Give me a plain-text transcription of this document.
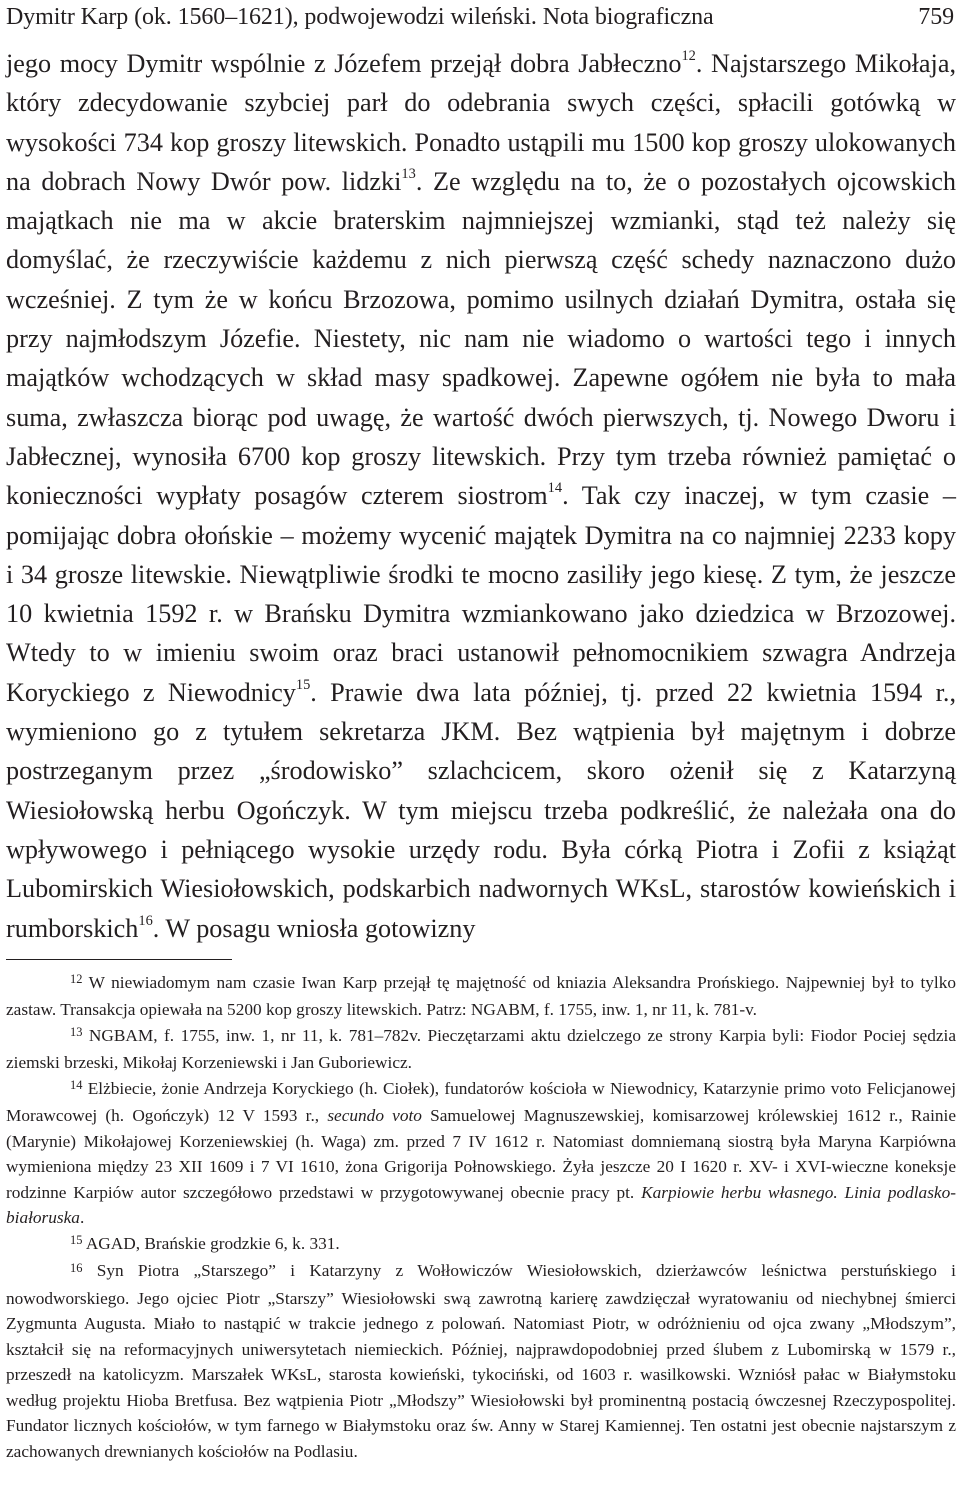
Dymitr Karp (ok. 1560–1621), podwojewodzi wileński. Nota biograficzna	759

jego mocy Dymitr wspólnie z Józefem przejął dobra Jabłeczno$^{12}$. Najstarszego Mikołaja, który zdecydowanie szybciej parł do odebrania swych części, spłacili gotówką w wysokości 734 kop groszy litewskich. Ponadto ustąpili mu 1500 kop groszy ulokowanych na dobrach Nowy Dwór pow. lidzki$^{13}$. Ze względu na to, że o pozostałych ojcowskich majątkach nie ma w akcie braterskim najmniejszej wzmianki, stąd też należy się domyślać, że rzeczywiście każdemu z nich pierwszą część schedy naznaczono dużo wcześniej. Z tym że w końcu Brzozowa, pomimo usilnych działań Dymitra, ostała się przy najmłodszym Józefie. Niestety, nic nam nie wiadomo o wartości tego i innych majątków wchodzących w skład masy spadkowej. Zapewne ogółem nie była to mała suma, zwłaszcza biorąc pod uwagę, że wartość dwóch pierwszych, tj. Nowego Dworu i Jabłecznej, wynosiła 6700 kop groszy litewskich. Przy tym trzeba również pamiętać o konieczności wypłaty posagów czterem siostrom$^{14}$. Tak czy inaczej, w tym czasie – pomijając dobra ołońskie – możemy wycenić majątek Dymitra na co najmniej 2233 kopy i 34 grosze litewskie. Niewątpliwie środki te mocno zasiliły jego kiesę. Z tym, że jeszcze 10 kwietnia 1592 r. w Brańsku Dymitra wzmiankowano jako dziedzica w Brzozowej. Wtedy to w imieniu swoim oraz braci ustanowił pełnomocnikiem szwagra Andrzeja Koryckiego z Niewodnicy$^{15}$. Prawie dwa lata później, tj. przed 22 kwietnia 1594 r., wymieniono go z tytułem sekretarza JKM. Bez wątpienia był majętnym i dobrze postrzeganym przez „środowisko” szlachcicem, skoro ożenił się z Katarzyną Wiesiołowską herbu Ogończyk. W tym miejscu trzeba podkreślić, że należała ona do wpływowego i pełniącego wysokie urzędy rodu. Była córką Piotra i Zofii z książąt Lubomirskich Wiesiołowskich, podskarbich nadwornych WKsL, starostów kowieńskich i rumborskich$^{16}$. W posagu wniosła gotowizny

$^{12}$ W niewiadomym nam czasie Iwan Karp przejął tę majętność od kniazia Aleksandra Prońskiego. Najpewniej był to tylko zastaw. Transakcja opiewała na 5200 kop groszy litewskich. Patrz: NGABM, f. 1755, inw. 1, nr 11, k. 781-v.

$^{13}$ NGBAM, f. 1755, inw. 1, nr 11, k. 781–782v. Pieczętarzami aktu dzielczego ze strony Karpia byli: Fiodor Pociej sędzia ziemski brzeski, Mikołaj Korzeniewski i Jan Guboriewicz.

$^{14}$ Elżbiecie, żonie Andrzeja Koryckiego (h. Ciołek), fundatorów kościoła w Niewodnicy, Katarzynie primo voto Felicjanowej Morawcowej (h. Ogończyk) 12 V 1593 r., secundo voto Samuelowej Magnuszewskiej, komisarzowej królewskiej 1612 r., Rainie (Marynie) Mikołajowej Korzeniewskiej (h. Waga) zm. przed 7 IV 1612 r. Natomiast domniemaną siostrą była Maryna Karpiówna wymieniona między 23 XII 1609 i 7 VI 1610, żona Grigorija Połnowskiego. Żyła jeszcze 20 I 1620 r. XV- i XVI-wieczne koneksje rodzinne Karpiów autor szczegółowo przedstawi w przygotowywanej obecnie pracy pt. Karpiowie herbu własnego. Linia podlasko-białoruska.

$^{15}$ AGAD, Brańskie grodzkie 6, k. 331.

$^{16}$ Syn Piotra „Starszego” i Katarzyny z Wołłowiczów Wiesiołowskich, dzierżawców leśnictwa perstuńskiego i nowodworskiego. Jego ojciec Piotr „Starszy” Wiesiołowski swą zawrotną karierę zawdzięczał wyratowaniu od niechybnej śmierci Zygmunta Augusta. Miało to nastąpić w trakcie jednego z polowań. Natomiast Piotr, w odróżnieniu od ojca zwany „Młodszym”, kształcił się na reformacyjnych uniwersytetach niemieckich. Później, najprawdopodobniej przed ślubem z Lubomirską w 1579 r., przeszedł na katolicyzm. Marszałek WKsL, starosta kowieński, tykociński, od 1603 r. wasilkowski. Wzniósł pałac w Białymstoku według projektu Hioba Bretfusa. Bez wątpienia Piotr „Młodszy” Wiesiołowski był prominentną postacią ówczesnej Rzeczypospolitej. Fundator licznych kościołów, w tym farnego w Białymstoku oraz św. Anny w Starej Kamiennej. Ten ostatni jest obecnie najstarszym z zachowanych drewnianych kościołów na Podlasiu.
